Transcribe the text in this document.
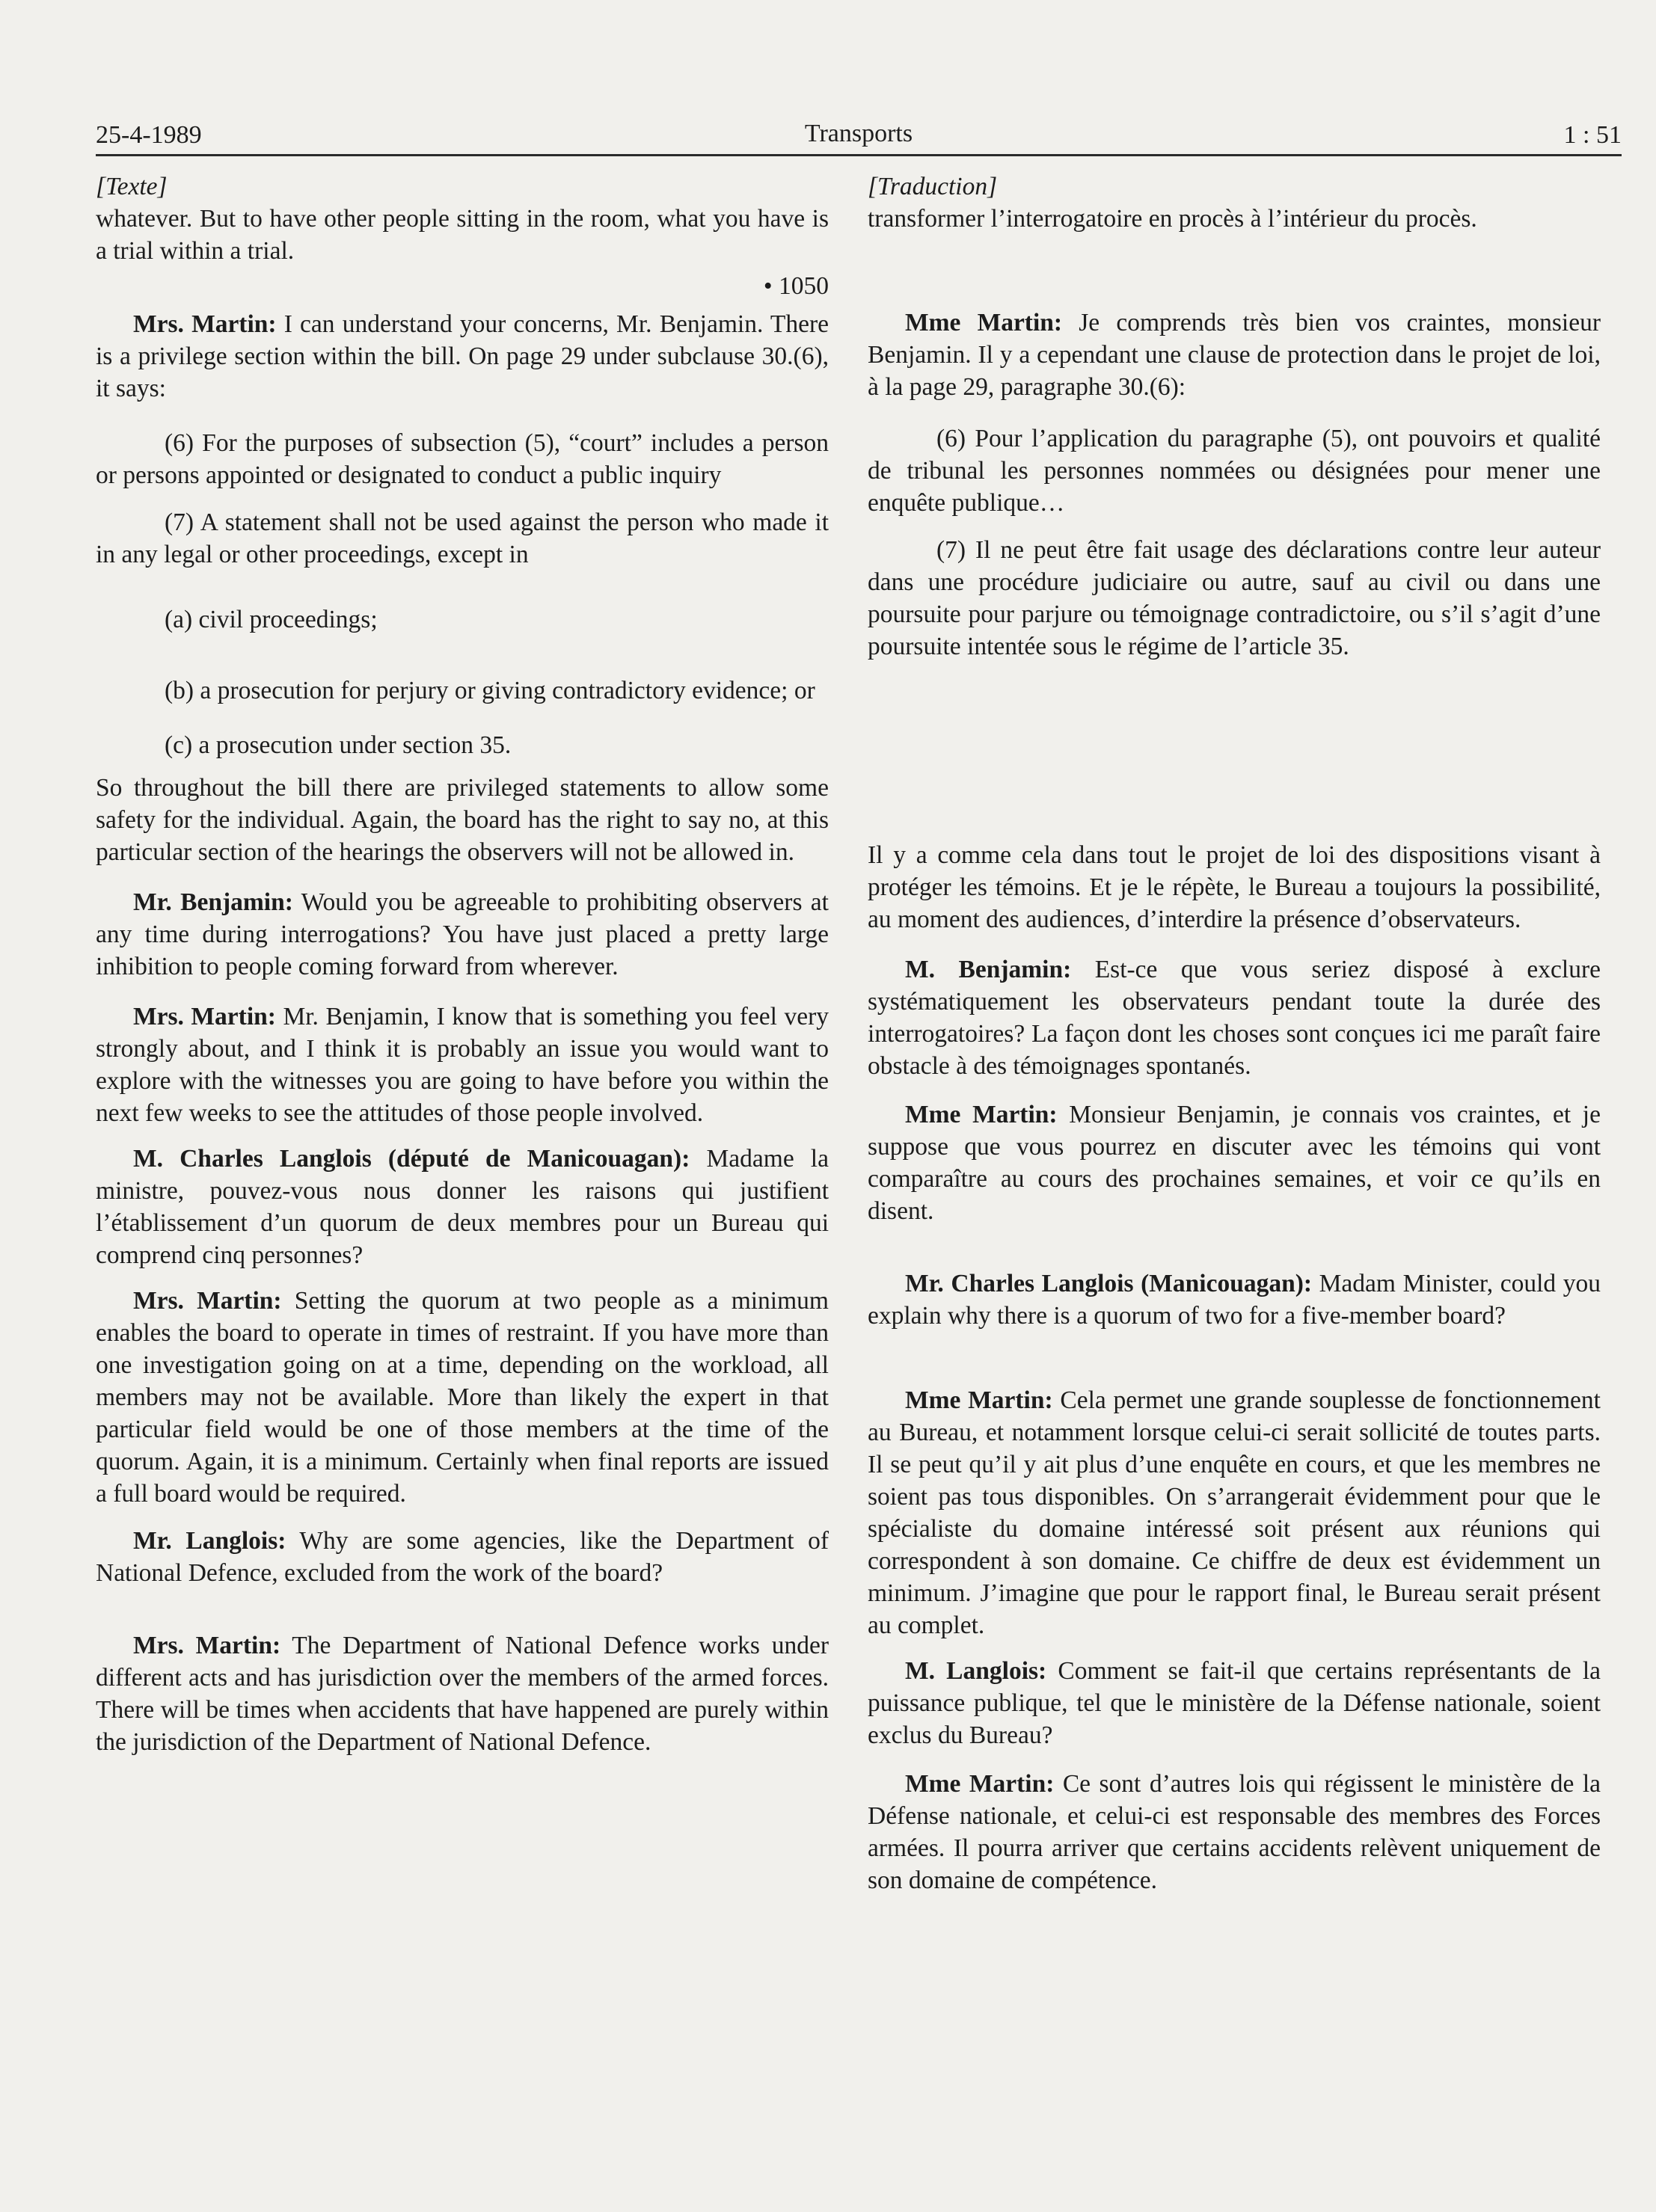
25-4-1989	Transports	1 : 51

[Texte]

whatever. But to have other people sitting in the room, what you have is a trial within a trial.

• 1050

Mrs. Martin: I can understand your concerns, Mr. Benjamin. There is a privilege section within the bill. On page 29 under subclause 30.(6), it says:

(6) For the purposes of subsection (5), “court” includes a person or persons appointed or designated to conduct a public inquiry

(7) A statement shall not be used against the person who made it in any legal or other proceedings, except in

(a) civil proceedings;

(b) a prosecution for perjury or giving contradictory evidence; or

(c) a prosecution under section 35.

So throughout the bill there are privileged statements to allow some safety for the individual. Again, the board has the right to say no, at this particular section of the hearings the observers will not be allowed in.

Mr. Benjamin: Would you be agreeable to prohibiting observers at any time during interrogations? You have just placed a pretty large inhibition to people coming forward from wherever.

Mrs. Martin: Mr. Benjamin, I know that is something you feel very strongly about, and I think it is probably an issue you would want to explore with the witnesses you are going to have before you within the next few weeks to see the attitudes of those people involved.

M. Charles Langlois (député de Manicouagan): Madame la ministre, pouvez-vous nous donner les raisons qui justifient l’établissement d’un quorum de deux membres pour un Bureau qui comprend cinq personnes?

Mrs. Martin: Setting the quorum at two people as a minimum enables the board to operate in times of restraint. If you have more than one investigation going on at a time, depending on the workload, all members may not be available. More than likely the expert in that particular field would be one of those members at the time of the quorum. Again, it is a minimum. Certainly when final reports are issued a full board would be required.

Mr. Langlois: Why are some agencies, like the Department of National Defence, excluded from the work of the board?

Mrs. Martin: The Department of National Defence works under different acts and has jurisdiction over the members of the armed forces. There will be times when accidents that have happened are purely within the jurisdiction of the Department of National Defence.

[Traduction]

transformer l’interrogatoire en procès à l’intérieur du procès.

Mme Martin: Je comprends très bien vos craintes, monsieur Benjamin. Il y a cependant une clause de protection dans le projet de loi, à la page 29, paragraphe 30.(6):

(6) Pour l’application du paragraphe (5), ont pouvoirs et qualité de tribunal les personnes nommées ou désignées pour mener une enquête publique…

(7) Il ne peut être fait usage des déclarations contre leur auteur dans une procédure judiciaire ou autre, sauf au civil ou dans une poursuite pour parjure ou témoignage contradictoire, ou s’il s’agit d’une poursuite intentée sous le régime de l’article 35.

Il y a comme cela dans tout le projet de loi des dispositions visant à protéger les témoins. Et je le répète, le Bureau a toujours la possibilité, au moment des audiences, d’interdire la présence d’observateurs.

M. Benjamin: Est-ce que vous seriez disposé à exclure systématiquement les observateurs pendant toute la durée des interrogatoires? La façon dont les choses sont conçues ici me paraît faire obstacle à des témoignages spontanés.

Mme Martin: Monsieur Benjamin, je connais vos craintes, et je suppose que vous pourrez en discuter avec les témoins qui vont comparaître au cours des prochaines semaines, et voir ce qu’ils en disent.

Mr. Charles Langlois (Manicouagan): Madam Minister, could you explain why there is a quorum of two for a five-member board?

Mme Martin: Cela permet une grande souplesse de fonctionnement au Bureau, et notamment lorsque celui-ci serait sollicité de toutes parts. Il se peut qu’il y ait plus d’une enquête en cours, et que les membres ne soient pas tous disponibles. On s’arrangerait évidemment pour que le spécialiste du domaine intéressé soit présent aux réunions qui correspondent à son domaine. Ce chiffre de deux est évidemment un minimum. J’imagine que pour le rapport final, le Bureau serait présent au complet.

M. Langlois: Comment se fait-il que certains représentants de la puissance publique, tel que le ministère de la Défense nationale, soient exclus du Bureau?

Mme Martin: Ce sont d’autres lois qui régissent le ministère de la Défense nationale, et celui-ci est responsable des membres des Forces armées. Il pourra arriver que certains accidents relèvent uniquement de son domaine de compétence.
